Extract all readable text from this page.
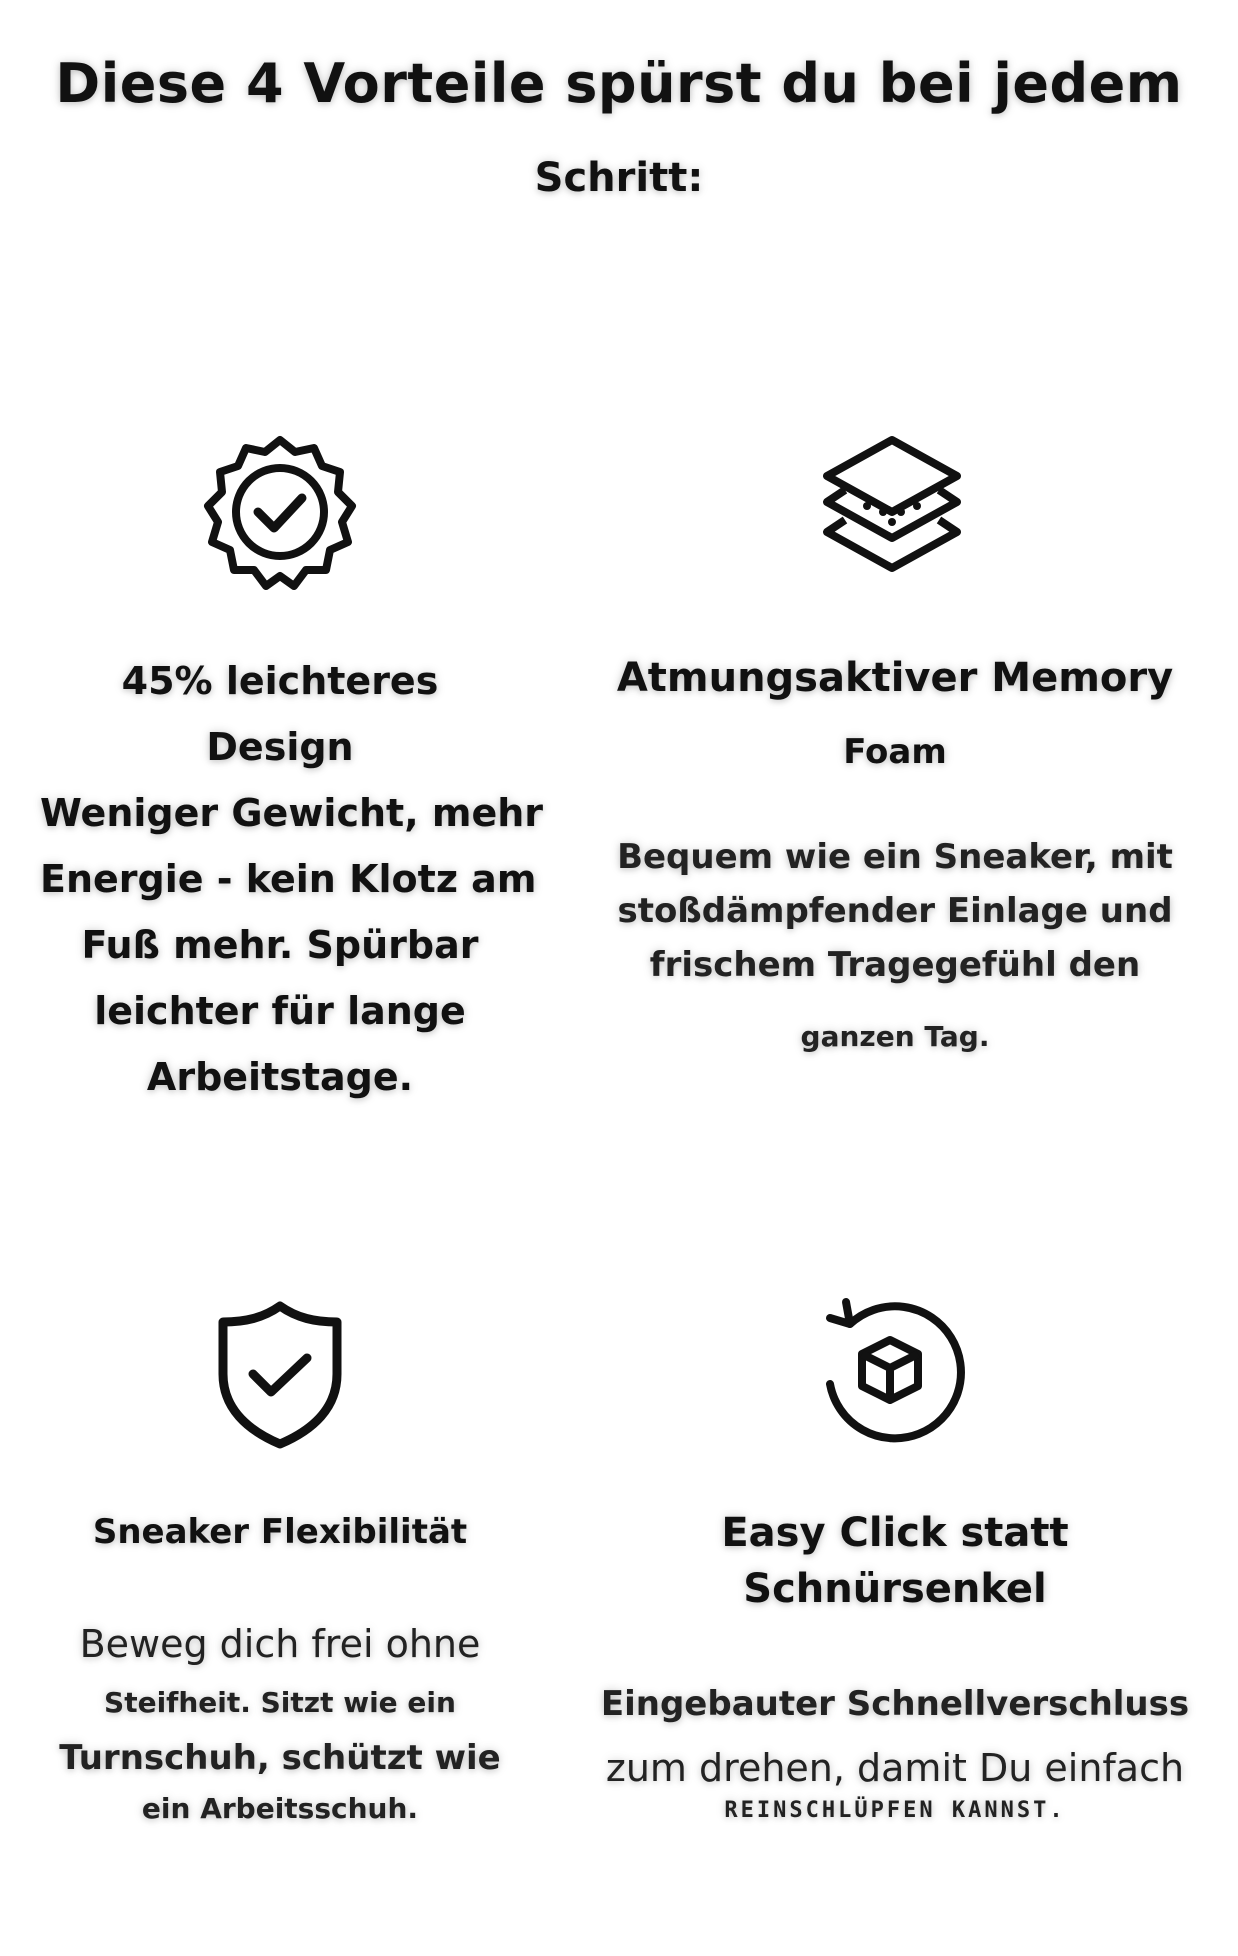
Diese 4 Vorteile spürst du bei jedem
Schritt:
45% leichteres
Design
Weniger Gewicht, mehr
Energie - kein Klotz am
Fuß mehr. Spürbar
leichter für lange
Arbeitstage.
Atmungsaktiver Memory
Foam
Bequem wie ein Sneaker, mit
stoßdämpfender Einlage und
frischem Tragegefühl den
ganzen Tag.
Sneaker Flexibilität
Beweg dich frei ohne
Steifheit. Sitzt wie ein
Turnschuh, schützt wie
ein Arbeitsschuh.
Easy Click statt
Schnürsenkel
Eingebauter Schnellverschluss
zum drehen, damit Du einfach
REINSCHLÜPFEN KANNST.
